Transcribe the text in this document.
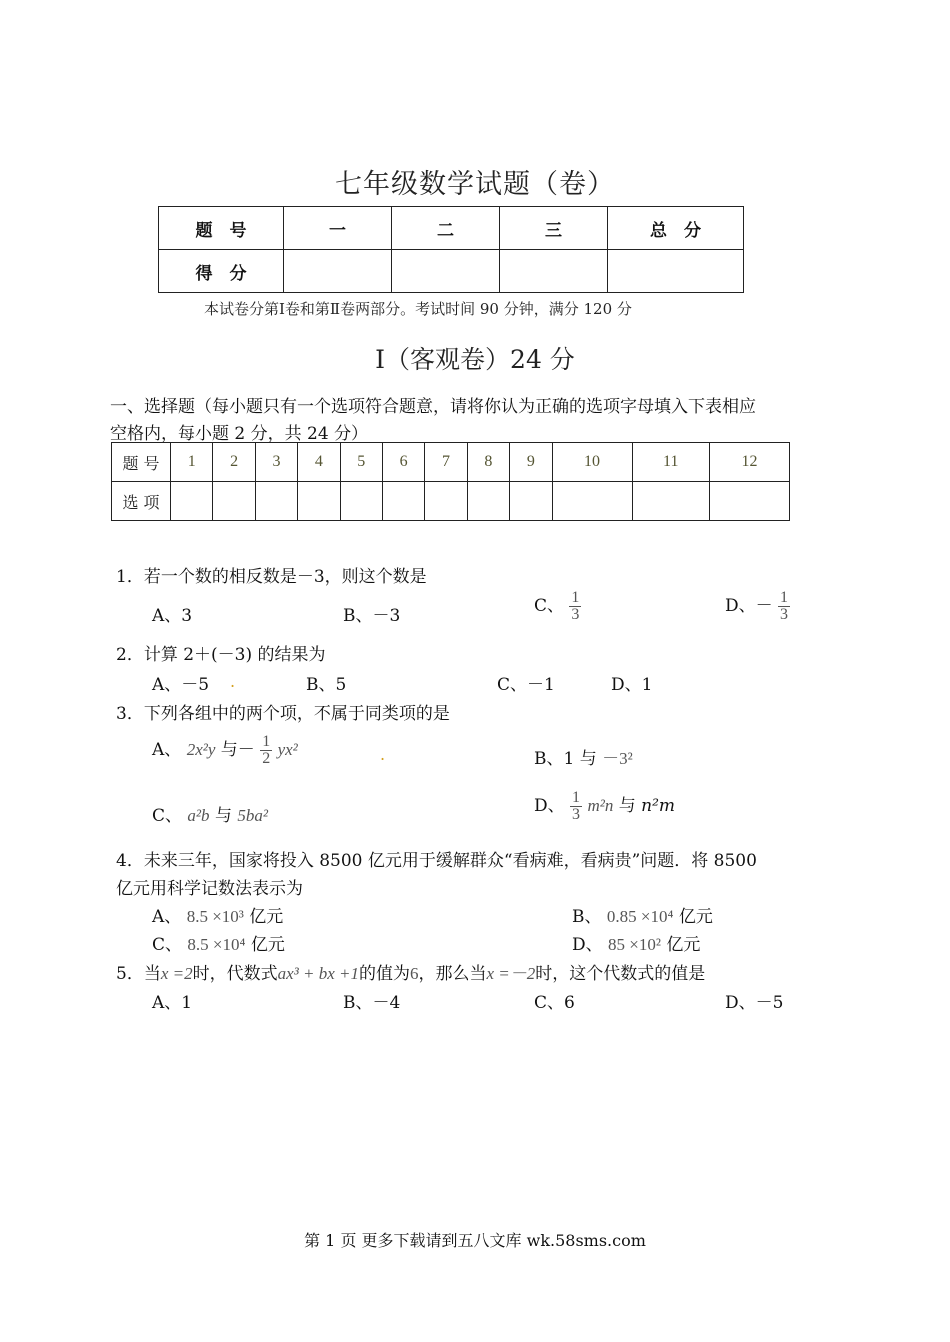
七年级数学试题（卷）
题　号	一	二	三	总　分
得　分				
本试卷分第Ⅰ卷和第Ⅱ卷两部分。考试时间 90 分钟，满分 120 分
Ⅰ（客观卷）24 分
一、选择题（每小题只有一个选项符合题意，请将你认为正确的选项字母填入下表相应
空格内，每小题 2 分，共 24 分）
题 号	1	2	3	4	5	6	7	8	9	10	11	12
选 项												
1．若一个数的相反数是－3，则这个数是
A、3	B、－3	C、 $\frac{1}{3}$	D、－ $\frac{1}{3}$
2．计算 2＋(－3) 的结果为
A、－5 .	B、5	C、－1	D、1
3．下列各组中的两个项，不属于同类项的是
A、 2x²y 与－ $\frac{1}{2} yx^2$	.	B、1 与 －3²
C、 a²b 与 5ba²	D、 $\frac{1}{3} m^2n$ 与 n²m
4．未来三年，国家将投入 8500 亿元用于缓解群众“看病难，看病贵”问题．将 8500
亿元用科学记数法表示为
A、 8.5 ×10³ 亿元	B、 0.85 ×10⁴ 亿元
C、 8.5 ×10⁴ 亿元	D、 85 ×10² 亿元
5．当x =2时，代数式ax³ + bx +1的值为6，那么当x =－2时，这个代数式的值是
A、1	B、－4	C、6	D、－5
第 1 页 更多下载请到五八文库 wk.58sms.com
